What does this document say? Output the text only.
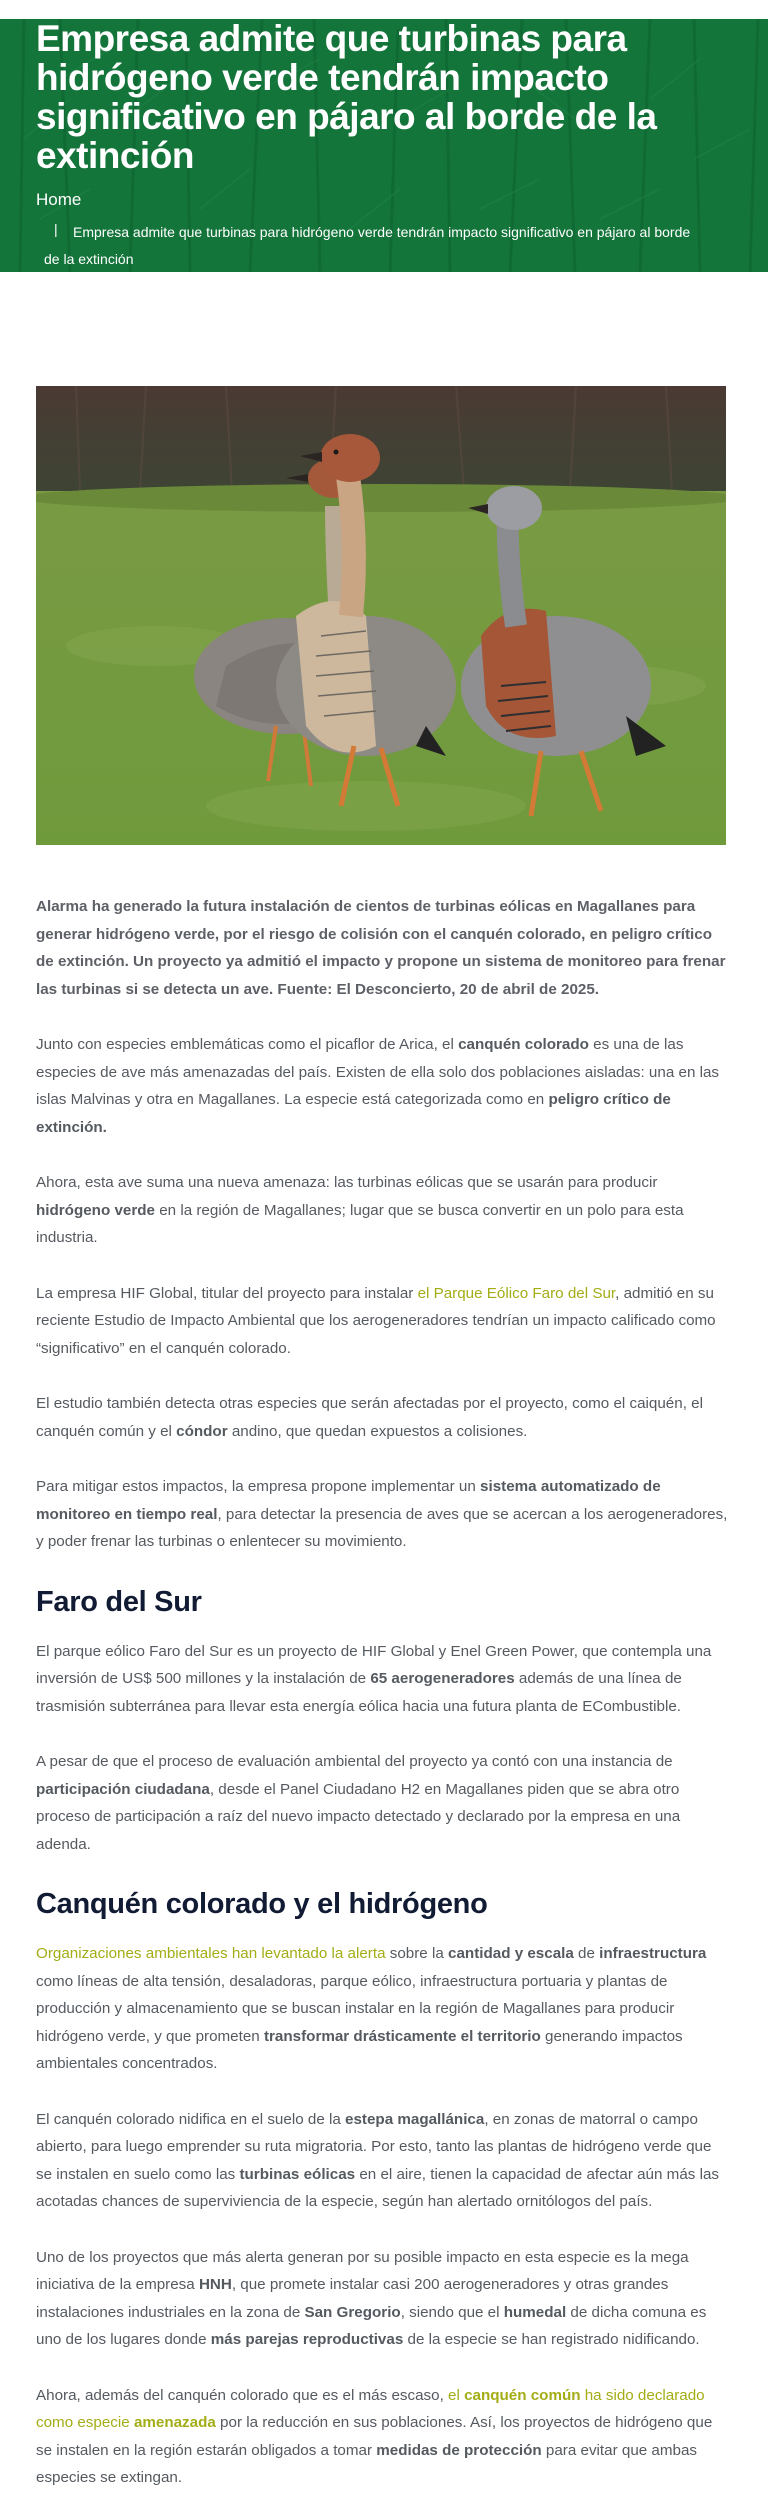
Empresa admite que turbinas para hidrógeno verde tendrán impacto significativo en pájaro al borde de la extinción
Home
|	Empresa admite que turbinas para hidrógeno verde tendrán impacto significativo en pájaro al borde de la extinción

Alarma ha generado la futura instalación de cientos de turbinas eólicas en Magallanes para generar hidrógeno verde, por el riesgo de colisión con el canquén colorado, en peligro crítico de extinción. Un proyecto ya admitió el impacto y propone un sistema de monitoreo para frenar las turbinas si se detecta un ave. Fuente: El Desconcierto, 20 de abril de 2025.

Junto con especies emblemáticas como el picaflor de Arica, el canquén colorado es una de las especies de ave más amenazadas del país. Existen de ella solo dos poblaciones aisladas: una en las islas Malvinas y otra en Magallanes. La especie está categorizada como en peligro crítico de extinción.

Ahora, esta ave suma una nueva amenaza: las turbinas eólicas que se usarán para producir hidrógeno verde en la región de Magallanes; lugar que se busca convertir en un polo para esta industria.

La empresa HIF Global, titular del proyecto para instalar el Parque Eólico Faro del Sur, admitió en su reciente Estudio de Impacto Ambiental que los aerogeneradores tendrían un impacto calificado como “significativo” en el canquén colorado.

El estudio también detecta otras especies que serán afectadas por el proyecto, como el caiquén, el canquén común y el cóndor andino, que quedan expuestos a colisiones.

Para mitigar estos impactos, la empresa propone implementar un sistema automatizado de monitoreo en tiempo real, para detectar la presencia de aves que se acercan a los aerogeneradores, y poder frenar las turbinas o enlentecer su movimiento.

Faro del Sur

El parque eólico Faro del Sur es un proyecto de HIF Global y Enel Green Power, que contempla una inversión de US$ 500 millones y la instalación de 65 aerogeneradores además de una línea de trasmisión subterránea para llevar esta energía eólica hacia una futura planta de ECombustible.

A pesar de que el proceso de evaluación ambiental del proyecto ya contó con una instancia de participación ciudadana, desde el Panel Ciudadano H2 en Magallanes piden que se abra otro proceso de participación a raíz del nuevo impacto detectado y declarado por la empresa en una adenda.

Canquén colorado y el hidrógeno

Organizaciones ambientales han levantado la alerta sobre la cantidad y escala de infraestructura como líneas de alta tensión, desaladoras, parque eólico, infraestructura portuaria y plantas de producción y almacenamiento que se buscan instalar en la región de Magallanes para producir hidrógeno verde, y que prometen transformar drásticamente el territorio generando impactos ambientales concentrados.

El canquén colorado nidifica en el suelo de la estepa magallánica, en zonas de matorral o campo abierto, para luego emprender su ruta migratoria. Por esto, tanto las plantas de hidrógeno verde que se instalen en suelo como las turbinas eólicas en el aire, tienen la capacidad de afectar aún más las acotadas chances de superviviencia de la especie, según han alertado ornitólogos del país.

Uno de los proyectos que más alerta generan por su posible impacto en esta especie es la mega iniciativa de la empresa HNH, que promete instalar casi 200 aerogeneradores y otras grandes instalaciones industriales en la zona de San Gregorio, siendo que el humedal de dicha comuna es uno de los lugares donde más parejas reproductivas de la especie se han registrado nidificando.

Ahora, además del canquén colorado que es el más escaso, el canquén común ha sido declarado como especie amenazada por la reducción en sus poblaciones. Así, los proyectos de hidrógeno que se instalen en la región estarán obligados a tomar medidas de protección para evitar que ambas especies se extingan.
